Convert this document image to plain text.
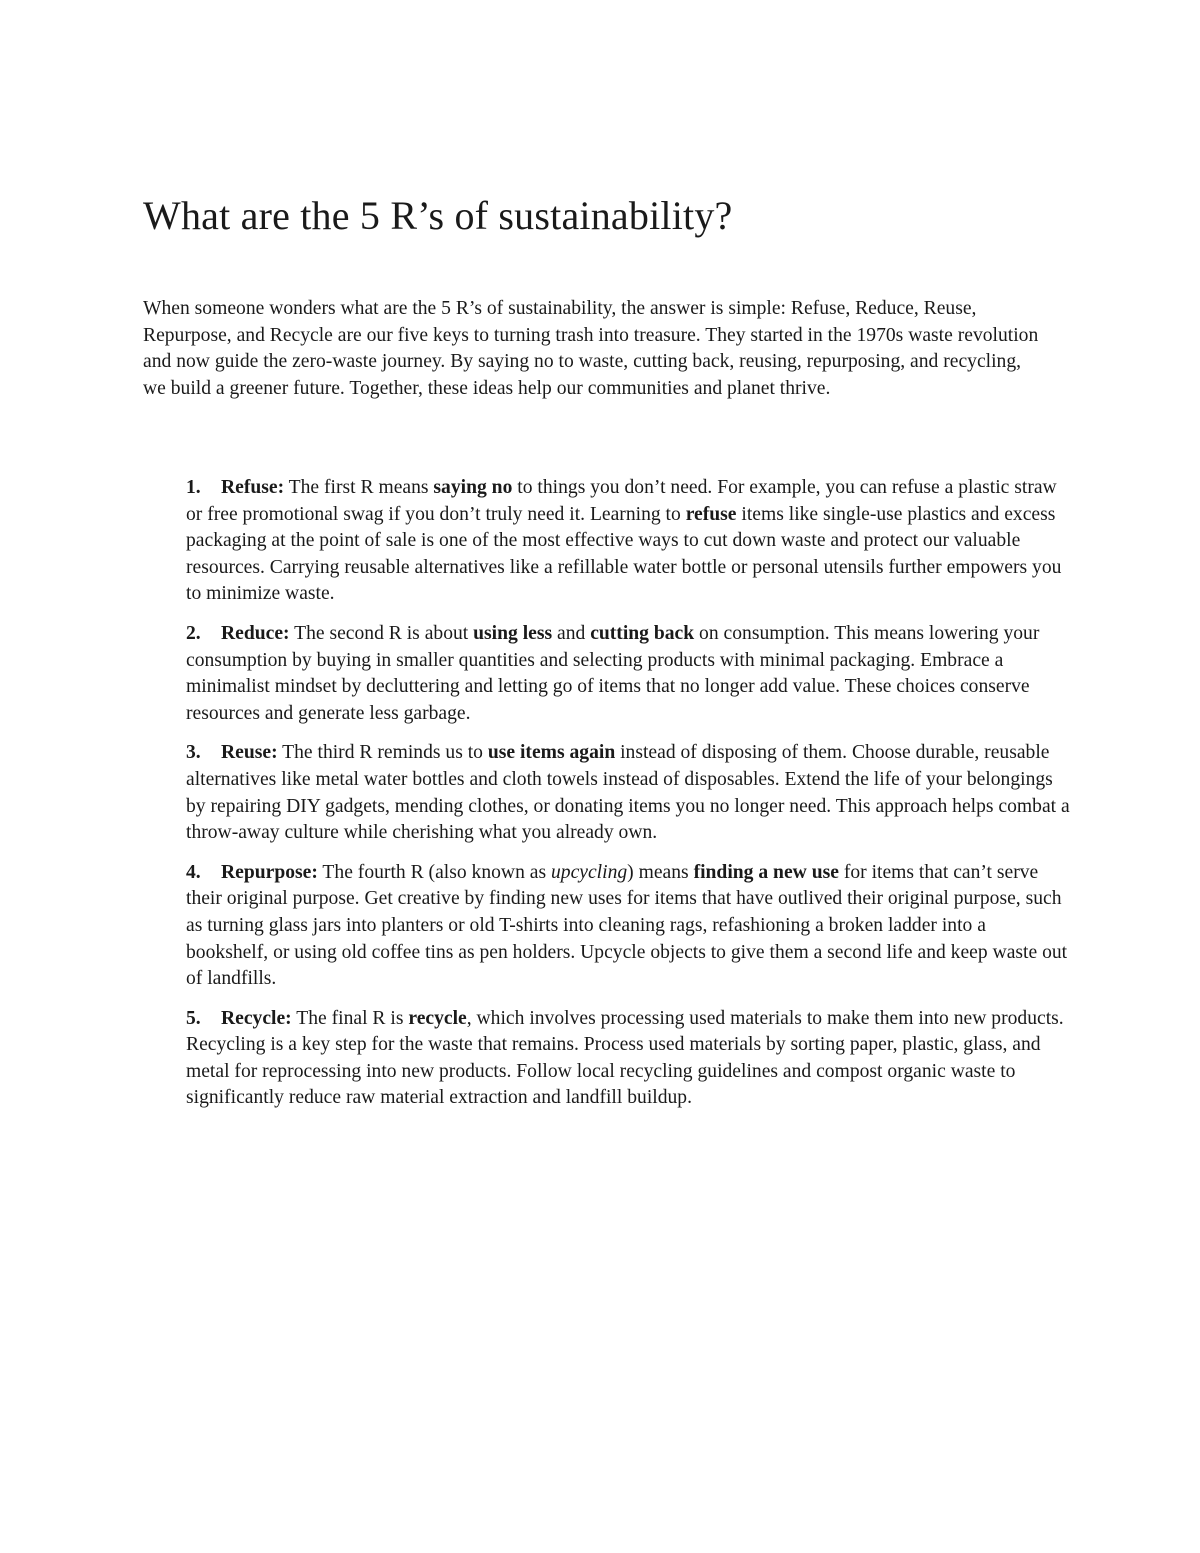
What are the 5 R’s of sustainability?

When someone wonders what are the 5 R’s of sustainability, the answer is simple: Refuse, Reduce, Reuse, Repurpose, and Recycle are our five keys to turning trash into treasure. They started in the 1970s waste revolution and now guide the zero-waste journey. By saying no to waste, cutting back, reusing, repurposing, and recycling, we build a greener future. Together, these ideas help our communities and planet thrive.

1.	Refuse: The first R means saying no to things you don’t need. For example, you can refuse a plastic straw or free promotional swag if you don’t truly need it. Learning to refuse items like single-use plastics and excess packaging at the point of sale is one of the most effective ways to cut down waste and protect our valuable resources. Carrying reusable alternatives like a refillable water bottle or personal utensils further empowers you to minimize waste.

2.	Reduce: The second R is about using less and cutting back on consumption. This means lowering your consumption by buying in smaller quantities and selecting products with minimal packaging. Embrace a minimalist mindset by decluttering and letting go of items that no longer add value. These choices conserve resources and generate less garbage.

3.	Reuse: The third R reminds us to use items again instead of disposing of them. Choose durable, reusable alternatives like metal water bottles and cloth towels instead of disposables. Extend the life of your belongings by repairing DIY gadgets, mending clothes, or donating items you no longer need. This approach helps combat a throw-away culture while cherishing what you already own.

4.	Repurpose: The fourth R (also known as upcycling) means finding a new use for items that can’t serve their original purpose. Get creative by finding new uses for items that have outlived their original purpose, such as turning glass jars into planters or old T-shirts into cleaning rags, refashioning a broken ladder into a bookshelf, or using old coffee tins as pen holders. Upcycle objects to give them a second life and keep waste out of landfills.

5.	Recycle: The final R is recycle, which involves processing used materials to make them into new products. Recycling is a key step for the waste that remains. Process used materials by sorting paper, plastic, glass, and metal for reprocessing into new products. Follow local recycling guidelines and compost organic waste to significantly reduce raw material extraction and landfill buildup.
